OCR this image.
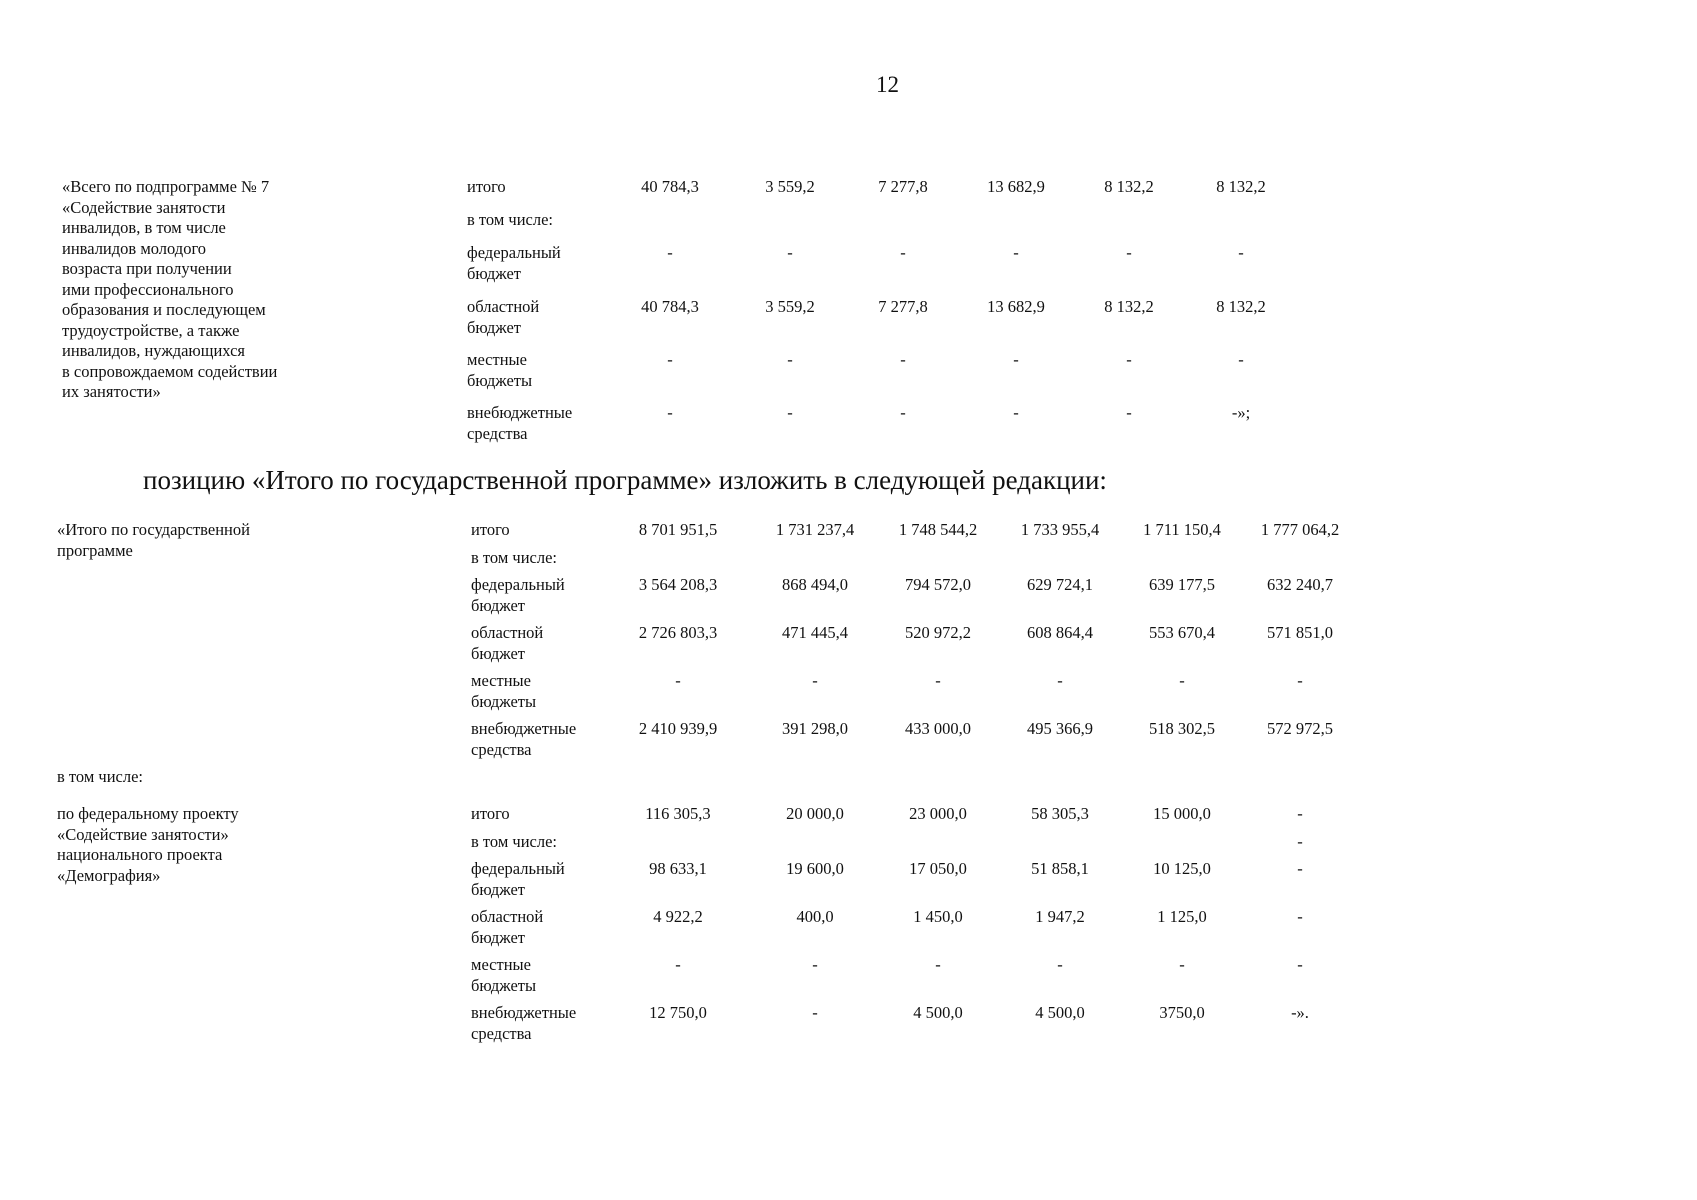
12
«Всего по подпрограмме № 7
«Содействие занятости
инвалидов, в том числе
инвалидов молодого
возраста при получении
ими профессионального
образования и последующем
трудоустройстве, а также
инвалидов, нуждающихся
в сопровождаемом содействии
их занятости»
итого	40 784,3	3 559,2	7 277,8	13 682,9	8 132,2	8 132,2
в том числе:
федеральный
бюджет
-	-	-	-	-	-
областной
бюджет
40 784,3	3 559,2	7 277,8	13 682,9	8 132,2	8 132,2
местные
бюджеты
-	-	-	-	-	-
внебюджетные
средства
-	-	-	-	-	-»;
«Итого по государственной
программе
итого	8 701 951,5	1 731 237,4	1 748 544,2	1 733 955,4	1 711 150,4	1 777 064,2
в том числе:
федеральный
бюджет
3 564 208,3	868 494,0	794 572,0	629 724,1	639 177,5	632 240,7
областной
бюджет
2 726 803,3	471 445,4	520 972,2	608 864,4	553 670,4	571 851,0
местные
бюджеты
-	-	-	-	-	-
внебюджетные
средства
2 410 939,9	391 298,0	433 000,0	495 366,9	518 302,5	572 972,5
в том числе:
по федеральному проекту
«Содействие занятости»
национального проекта
«Демография»
итого	116 305,3	20 000,0	23 000,0	58 305,3	15 000,0	-
в том числе:	-
федеральный
бюджет
98 633,1	19 600,0	17 050,0	51 858,1	10 125,0	-
областной
бюджет
4 922,2	400,0	1 450,0	1 947,2	1 125,0	-
местные
бюджеты
-	-	-	-	-	-
внебюджетные
средства
12 750,0	-	4 500,0	4 500,0	3750,0	-».
позицию «Итого по государственной программе» изложить в следующей редакции:
